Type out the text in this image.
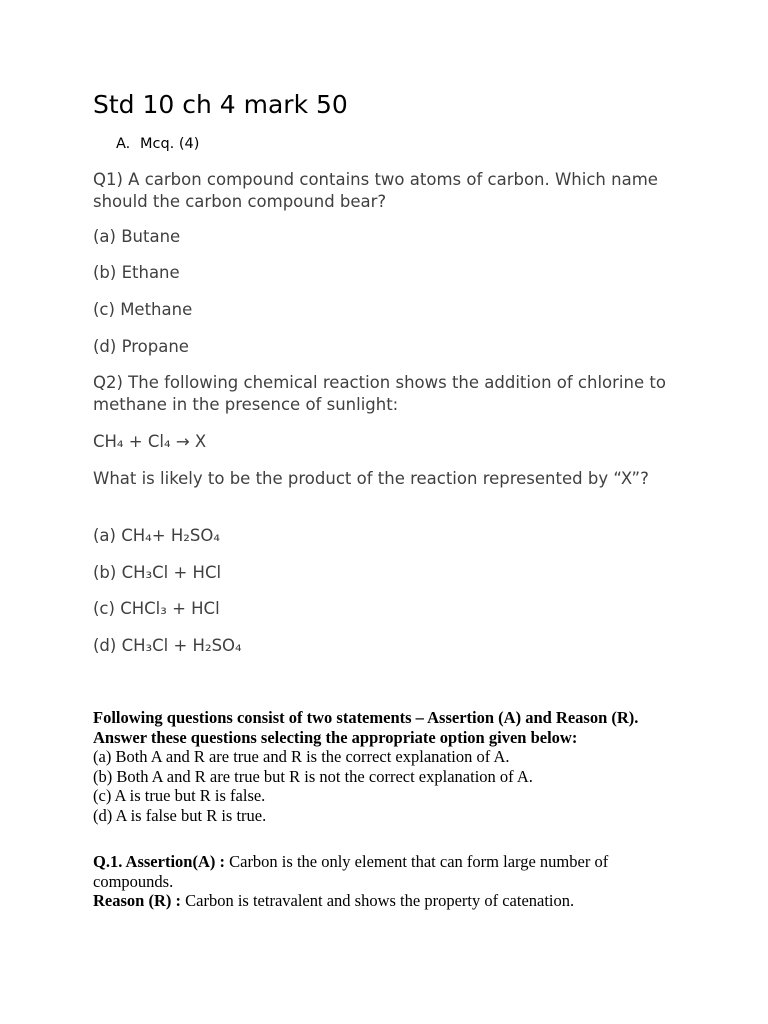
Std 10 ch 4 mark 50
A. Mcq. (4)
Q1) A carbon compound contains two atoms of carbon. Which name should the carbon compound bear?
(a) Butane
(b) Ethane
(c) Methane
(d) Propane
Q2) The following chemical reaction shows the addition of chlorine to methane in the presence of sunlight:
CH₄ + Cl₄ → X
What is likely to be the product of the reaction represented by “X”?
(a) CH₄+ H₂SO₄
(b) CH₃Cl + HCl
(c) CHCl₃ + HCl
(d) CH₃Cl + H₂SO₄
Following questions consist of two statements – Assertion (A) and Reason (R). Answer these questions selecting the appropriate option given below:
(a) Both A and R are true and R is the correct explanation of A.
(b) Both A and R are true but R is not the correct explanation of A.
(c) A is true but R is false.
(d) A is false but R is true.
Q.1. Assertion(A) : Carbon is the only element that can form large number of compounds.
Reason (R) : Carbon is tetravalent and shows the property of catenation.
